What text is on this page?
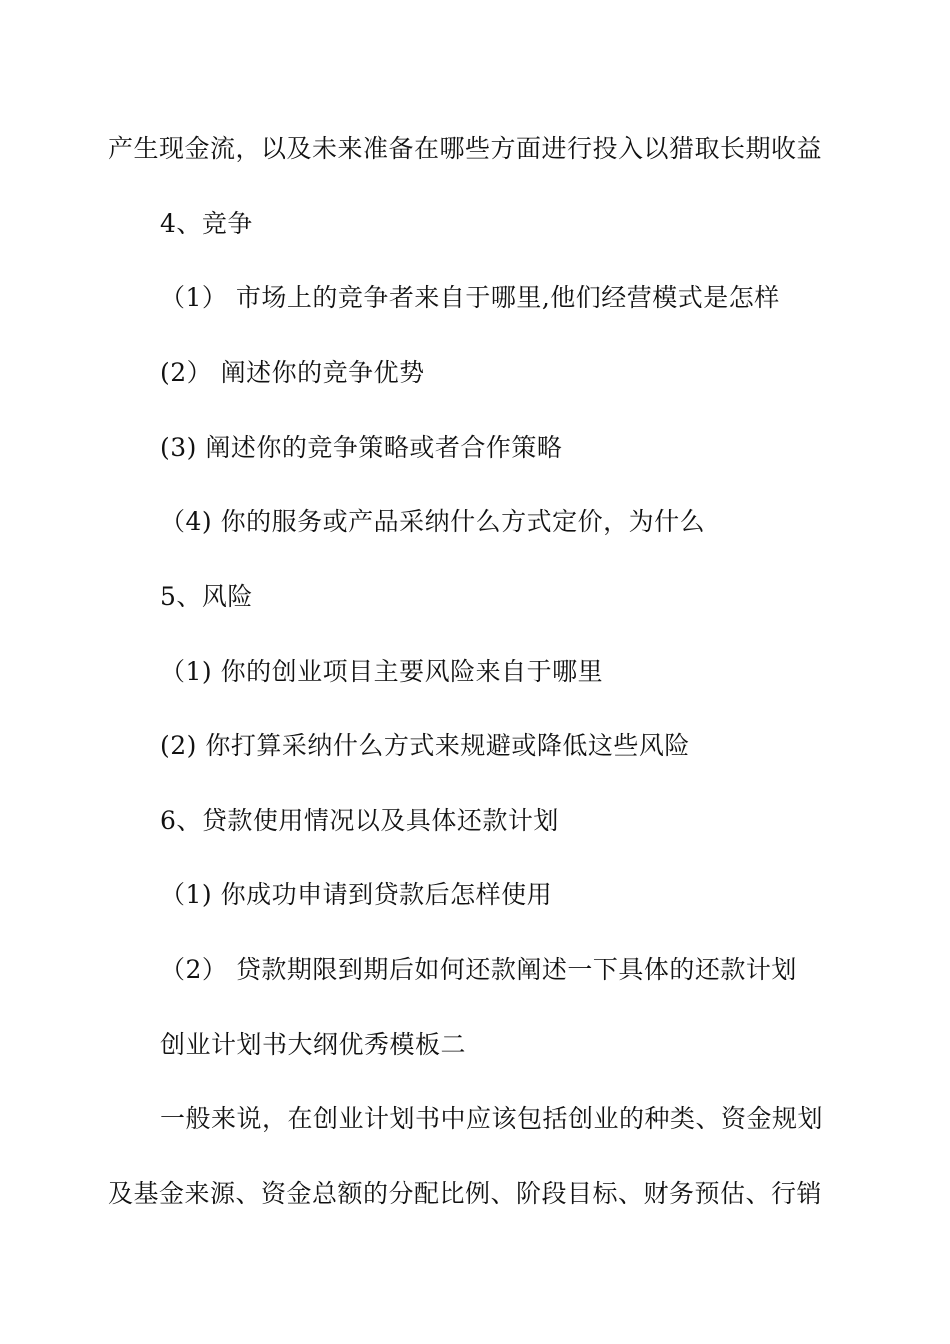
产生现金流，以及未来准备在哪些方面进行投入以猎取长期收益
4、竞争
（1） 市场上的竞争者来自于哪里,他们经营模式是怎样
(2） 阐述你的竞争优势
(3) 阐述你的竞争策略或者合作策略
（4) 你的服务或产品采纳什么方式定价，为什么
5、风险
（1) 你的创业项目主要风险来自于哪里
(2) 你打算采纳什么方式来规避或降低这些风险
6、贷款使用情况以及具体还款计划
（1) 你成功申请到贷款后怎样使用
（2） 贷款期限到期后如何还款阐述一下具体的还款计划
创业计划书大纲优秀模板二
一般来说，在创业计划书中应该包括创业的种类、资金规划
及基金来源、资金总额的分配比例、阶段目标、财务预估、行销
